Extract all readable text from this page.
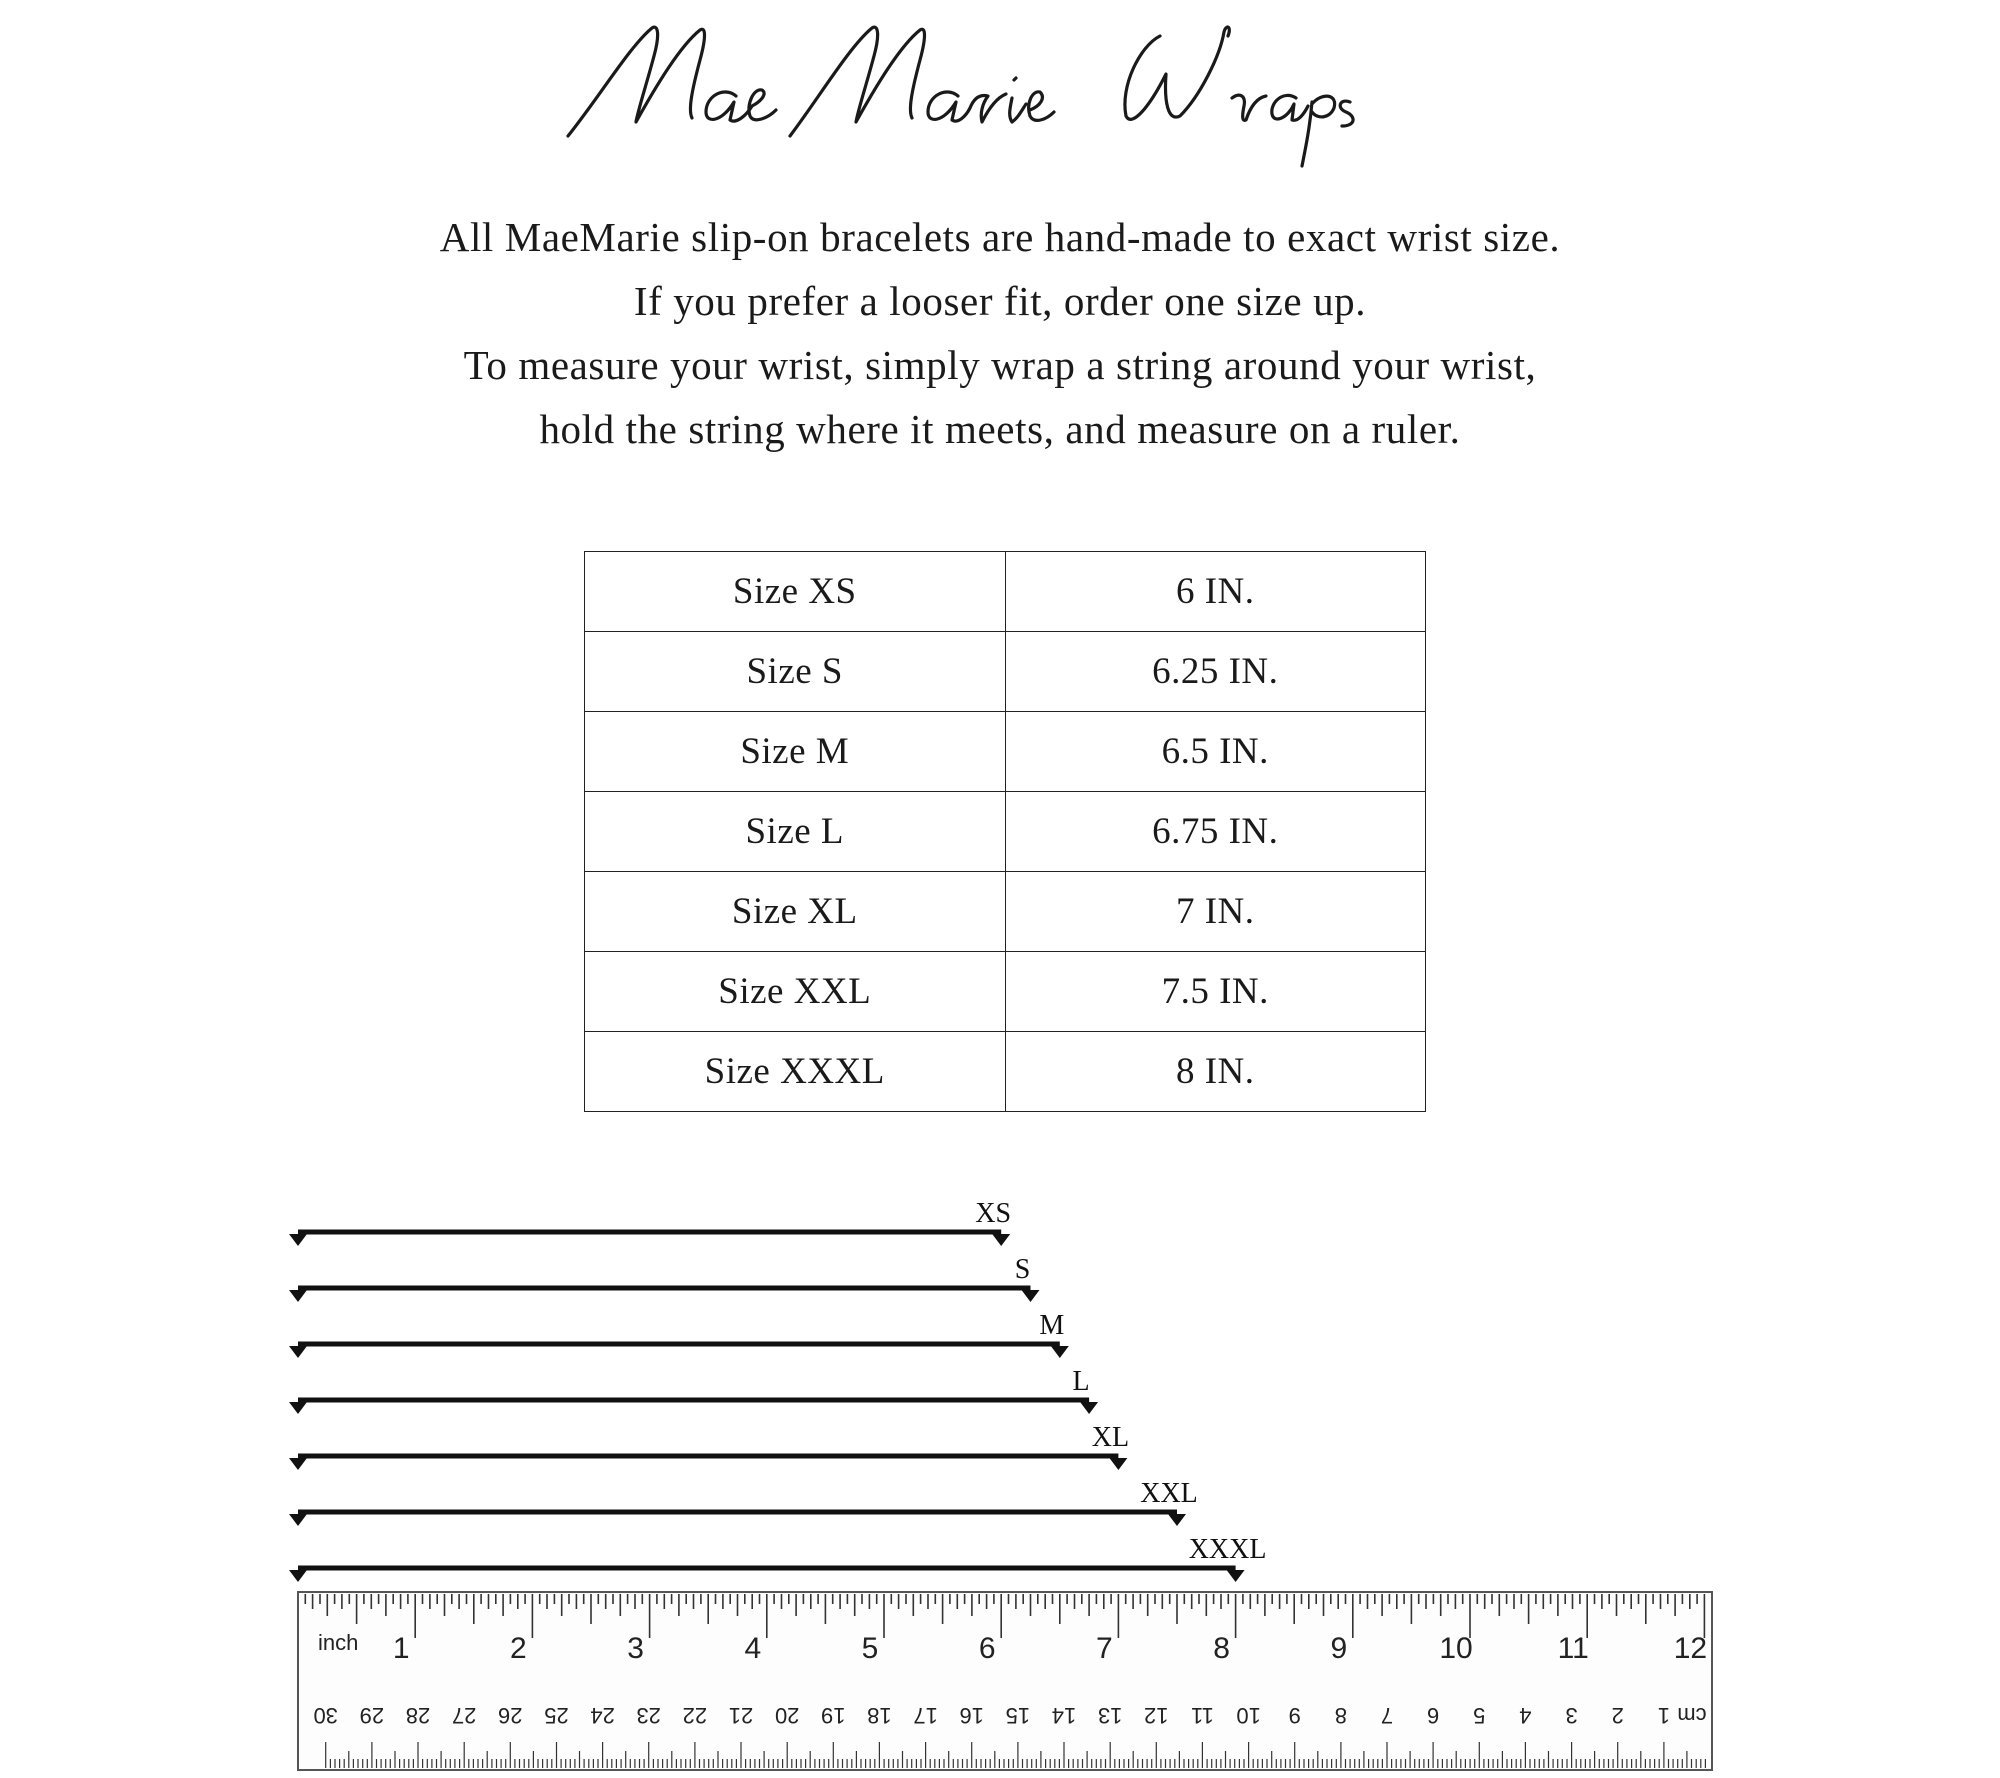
All MaeMarie slip-on bracelets are hand-made to exact wrist size.

If you prefer a looser fit, order one size up.

To measure your wrist, simply wrap a string around your wrist,

hold the string where it meets, and measure on a ruler.

Size XS	6 IN.
Size S	6.25 IN.
Size M	6.5 IN.
Size L	6.75 IN.
Size XL	7 IN.
Size XXL	7.5 IN.
Size XXXL	8 IN.
XS
S
M
L
XL
XXL
XXXL
inch 1	2	3	4	5	6	7	8	9	10	11	12
1
2
3
4
5
6
7
8
9
10
11
12
13
14
15
16
17
18
19
20
21
22
23
24
25
26
27
28
29
30	cm
